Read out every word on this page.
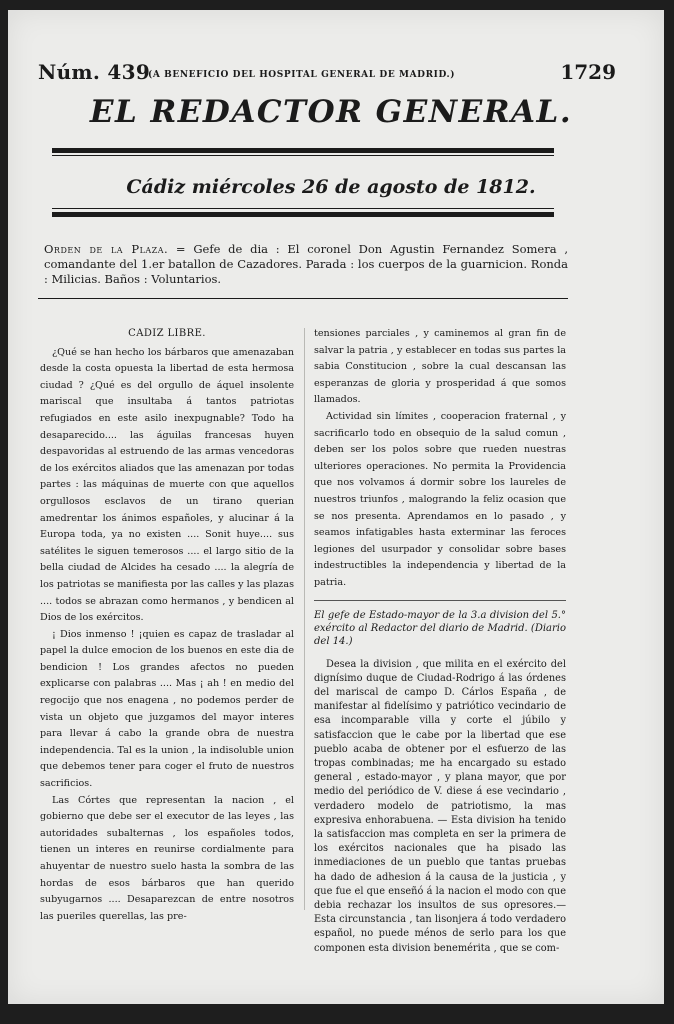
Núm. 439
(A BENEFICIO DEL HOSPITAL GENERAL DE MADRID.)	1729
EL REDACTOR GENERAL.
Cádiz miércoles 26 de agosto de 1812.
Orden de la Plaza. = Gefe de dia : El coronel Don Agustin Fernandez Somera , comandante del 1.er batallon de Cazadores. Parada : los cuerpos de la guarnicion. Ronda : Milicias. Baños : Voluntarios.

CADIZ LIBRE.

¿Qué se han hecho los bárbaros que amenazaban desde la costa opuesta la libertad de esta hermosa ciudad ? ¿Qué es del orgullo de áquel insolente mariscal que insultaba á tantos patriotas refugiados en este asilo inexpugnable? Todo ha desaparecido.... las águilas francesas huyen despavoridas al estruendo de las armas vencedoras de los exércitos aliados que las amenazan por todas partes : las máquinas de muerte con que aquellos orgullosos esclavos de un tirano querian amedrentar los ánimos españoles, y alucinar á la Europa toda, ya no existen .... Sonit huye.... sus satélites le siguen temerosos .... el largo sitio de la bella ciudad de Alcides ha cesado .... la alegría de los patriotas se manifiesta por las calles y las plazas .... todos se abrazan como hermanos , y bendicen al Dios de los exércitos.

¡ Dios inmenso ! ¡quien es capaz de trasladar al papel la dulce emocion de los buenos en este dia de bendicion ! Los grandes afectos no pueden explicarse con palabras .... Mas ¡ ah ! en medio del regocijo que nos enagena , no podemos perder de vista un objeto que juzgamos del mayor interes para llevar á cabo la grande obra de nuestra independencia. Tal es la union , la indisoluble union que debemos tener para coger el fruto de nuestros sacrificios.

Las Córtes que representan la nacion , el gobierno que debe ser el executor de las leyes , las autoridades subalternas , los españoles todos, tienen un interes en reunirse cordialmente para ahuyentar de nuestro suelo hasta la sombra de las hordas de esos bárbaros que han querido subyugarnos .... Desaparezcan de entre nosotros las pueriles querellas, las pre-

tensiones parciales , y caminemos al gran fin de salvar la patria , y establecer en todas sus partes la sabia Constitucion , sobre la cual descansan las esperanzas de gloria y prosperidad á que somos llamados.

Actividad sin límites , cooperacion fraternal , y sacrificarlo todo en obsequio de la salud comun , deben ser los polos sobre que rueden nuestras ulteriores operaciones. No permita la Providencia que nos volvamos á dormir sobre los laureles de nuestros triunfos , malogrando la feliz ocasion que se nos presenta. Aprendamos en lo pasado , y seamos infatigables hasta exterminar las feroces legiones del usurpador y consolidar sobre bases indestructibles la independencia y libertad de la patria.

El gefe de Estado-mayor de la 3.a division del 5.° exército al Redactor del diario de Madrid. (Diario del 14.)

Desea la division , que milita en el exército del dignísimo duque de Ciudad-Rodrigo á las órdenes del mariscal de campo D. Cárlos España , de manifestar al fidelísimo y patriótico vecindario de esa incomparable villa y corte el júbilo y satisfaccion que le cabe por la libertad que ese pueblo acaba de obtener por el esfuerzo de las tropas combinadas; me ha encargado su estado general , estado-mayor , y plana mayor, que por medio del periódico de V. diese á ese vecindario , verdadero modelo de patriotismo, la mas expresiva enhorabuena. — Esta division ha tenido la satisfaccion mas completa en ser la primera de los exércitos nacionales que ha pisado las inmediaciones de un pueblo que tantas pruebas ha dado de adhesion á la causa de la justicia , y que fue el que enseñó á la nacion el modo con que debia rechazar los insultos de sus opresores.—Esta circunstancia , tan lisonjera á todo verdadero español, no puede ménos de serlo para los que componen esta division benemérita , que se com-
